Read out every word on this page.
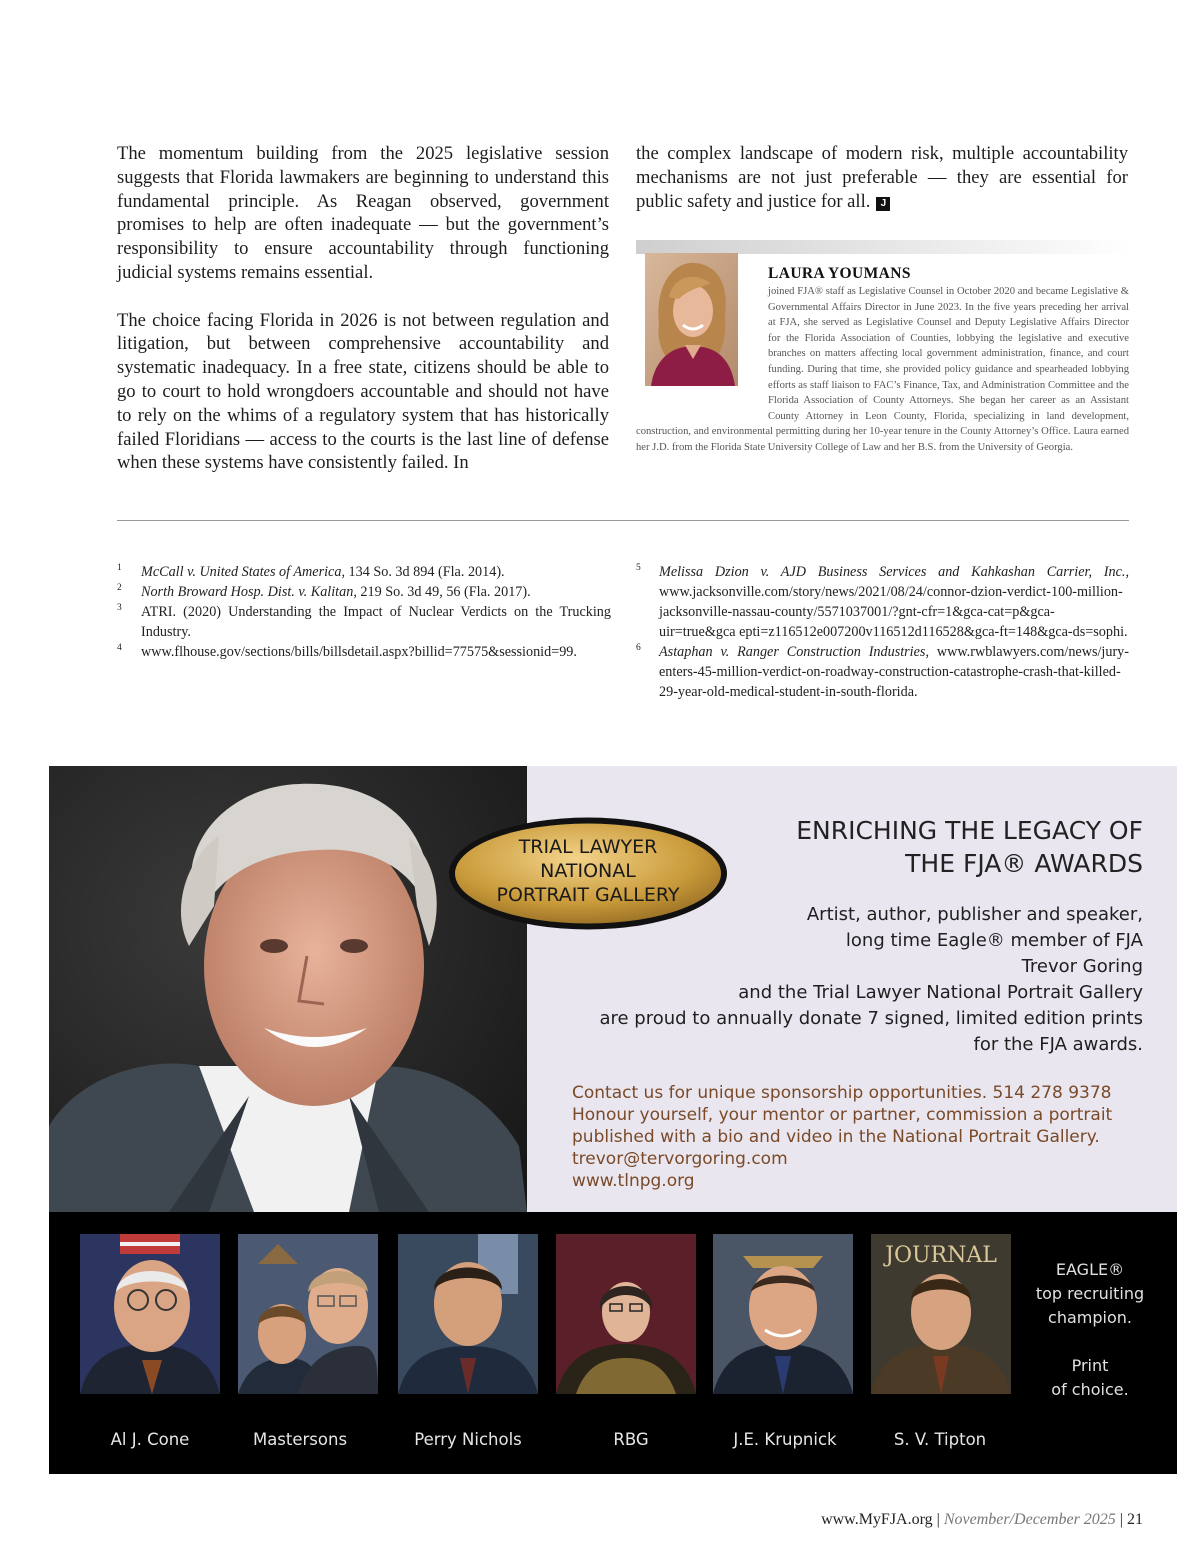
The momentum building from the 2025 legislative session suggests that Florida lawmakers are beginning to understand this fundamental principle. As Reagan observed, government promises to help are often inadequate — but the government’s responsibility to ensure accountability through functioning judicial systems remains essential.

The choice facing Florida in 2026 is not between regulation and litigation, but between comprehensive accountability and systematic inadequacy. In a free state, citizens should be able to go to court to hold wrongdoers accountable and should not have to rely on the whims of a regulatory system that has historically failed Floridians — access to the courts is the last line of defense when these systems have consistently failed. In

the complex landscape of modern risk, multiple accountability mechanisms are not just preferable — they are essential for public safety and justice for all. J

LAURA YOUMANS
joined FJA® staff as Legislative Counsel in October 2020 and became Legislative & Governmental Affairs Director in June 2023. In the five years preceding her arrival at FJA, she served as Legislative Counsel and Deputy Legislative Affairs Director for the Florida Association of Counties, lobbying the legislative and executive branches on matters affecting local government administration, finance, and court funding. During that time, she provided policy guidance and spearheaded lobbying efforts as staff liaison to FAC’s Finance, Tax, and Administration Committee and the Florida Association of County Attorneys. She began her career as an Assistant County Attorney in Leon County, Florida, specializing in land development, construction, and environmental permitting during her 10-year tenure in the County Attorney’s Office. Laura earned her J.D. from the Florida State University College of Law and her B.S. from the University of Georgia.
1 McCall v. United States of America, 134 So. 3d 894 (Fla. 2014).
2 North Broward Hosp. Dist. v. Kalitan, 219 So. 3d 49, 56 (Fla. 2017).
3 ATRI. (2020) Understanding the Impact of Nuclear Verdicts on the Trucking Industry.
4 www.flhouse.gov/sections/bills/billsdetail.aspx?billid=77575&sessionid=99.
5 Melissa Dzion v. AJD Business Services and Kahkashan Carrier, Inc., www.jacksonville.com/story/news/2021/08/24/connor-dzion-verdict-100-million-jacksonville-nassau-county/5571037001/?gnt-cfr=1&gca-cat=p&gca-uir=true&gca epti=z116512e007200v116512d116528&gca-ft=148&gca-ds=sophi.
6 Astaphan v. Ranger Construction Industries, www.rwblawyers.com/news/jury-enters-45-million-verdict-on-roadway-construction-catastrophe-crash-that-killed-29-year-old-medical-student-in-south-florida.
ENRICHING THE LEGACY OF
THE FJA® AWARDS
Artist, author, publisher and speaker,
long time Eagle® member of FJA
Trevor Goring
and the Trial Lawyer National Portrait Gallery
are proud to annually donate 7 signed, limited edition prints
for the FJA awards.
Contact us for unique sponsorship opportunities. 514 278 9378
Honour yourself, your mentor or partner, commission a portrait
published with a bio and video in the National Portrait Gallery.
trevor@tervorgoring.com
www.tlnpg.org
TRIAL LAWYER
NATIONAL
PORTRAIT GALLERY
Al J. Cone	Mastersons	Perry Nichols	RBG	J.E. Krupnick
JOURNAL
S. V. Tipton
EAGLE®
top recruiting
champion.
Print
of choice.
www.MyFJA.org | November/December 2025 | 21
